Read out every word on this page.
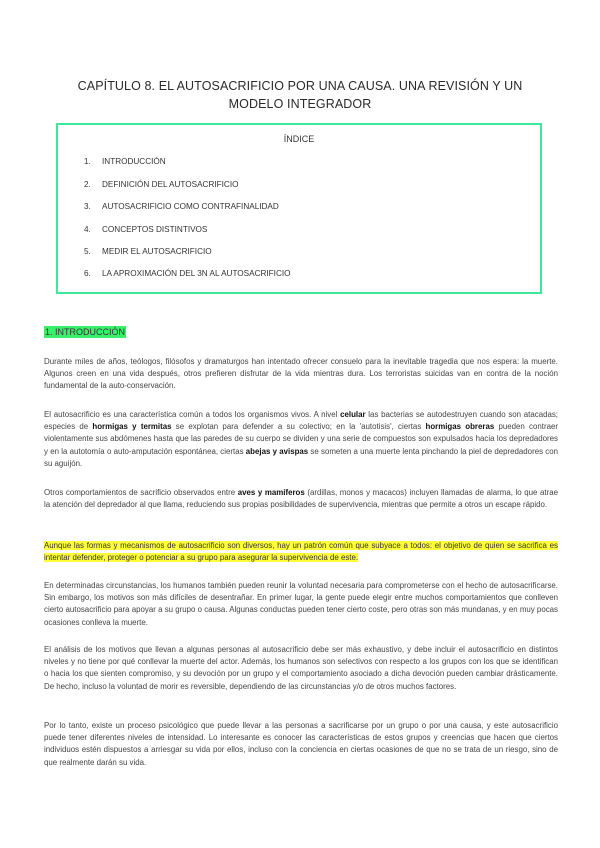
CAPÍTULO 8. EL AUTOSACRIFICIO POR UNA CAUSA. UNA REVISIÓN Y UN MODELO INTEGRADOR
ÍNDICE
1. INTRODUCCIÓN
2. DEFINICIÓN DEL AUTOSACRIFICIO
3. AUTOSACRIFICIO COMO CONTRAFINALIDAD
4. CONCEPTOS DISTINTIVOS
5. MEDIR EL AUTOSACRIFICIO
6. LA APROXIMACIÓN DEL 3N AL AUTOSACRIFICIO
1. INTRODUCCIÓN

Durante miles de años, teólogos, filósofos y dramaturgos han intentado ofrecer consuelo para la inevitable tragedia que nos espera: la muerte. Algunos creen en una vida después, otros prefieren disfrutar de la vida mientras dura. Los terroristas suicidas van en contra de la noción fundamental de la auto-conservación.

El autosacrificio es una característica común a todos los organismos vivos. A nivel celular las bacterias se autodestruyen cuando son atacadas; especies de hormigas y termitas se explotan para defender a su colectivo; en la 'autotisis', ciertas hormigas obreras pueden contraer violentamente sus abdómenes hasta que las paredes de su cuerpo se dividen y una serie de compuestos son expulsados hacia los depredadores y en la autotomía o auto-amputación espontánea, ciertas abejas y avispas se someten a una muerte lenta pinchando la piel de depredadores con su aguijón.

Otros comportamientos de sacrificio observados entre aves y mamíferos (ardillas, monos y macacos) incluyen llamadas de alarma, lo que atrae la atención del depredador al que llama, reduciendo sus propias posibilidades de supervivencia, mientras que permite a otros un escape rápido.

Aunque las formas y mecanismos de autosacrificio son diversos, hay un patrón común que subyace a todos: el objetivo de quien se sacrifica es intentar defender, proteger o potenciar a su grupo para asegurar la supervivencia de este.

En determinadas circunstancias, los humanos también pueden reunir la voluntad necesaria para comprometerse con el hecho de autosacrificarse. Sin embargo, los motivos son más difíciles de desentrañar. En primer lugar, la gente puede elegir entre muchos comportamientos que conlleven cierto autosacrificio para apoyar a su grupo o causa. Algunas conductas pueden tener cierto coste, pero otras son más mundanas, y en muy pocas ocasiones conlleva la muerte.

El análisis de los motivos que llevan a algunas personas al autosacrificio debe ser más exhaustivo, y debe incluir el autosacrificio en distintos niveles y no tiene por qué conllevar la muerte del actor. Además, los humanos son selectivos con respecto a los grupos con los que se identifican o hacia los que sienten compromiso, y su devoción por un grupo y el comportamiento asociado a dicha devoción pueden cambiar drásticamente. De hecho, incluso la voluntad de morir es reversible, dependiendo de las circunstancias y/o de otros muchos factores.

Por lo tanto, existe un proceso psicológico que puede llevar a las personas a sacrificarse por un grupo o por una causa, y este autosacrificio puede tener diferentes niveles de intensidad. Lo interesante es conocer las características de estos grupos y creencias que hacen que ciertos individuos estén dispuestos a arriesgar su vida por ellos, incluso con la conciencia en ciertas ocasiones de que no se trata de un riesgo, sino de que realmente darán su vida.
